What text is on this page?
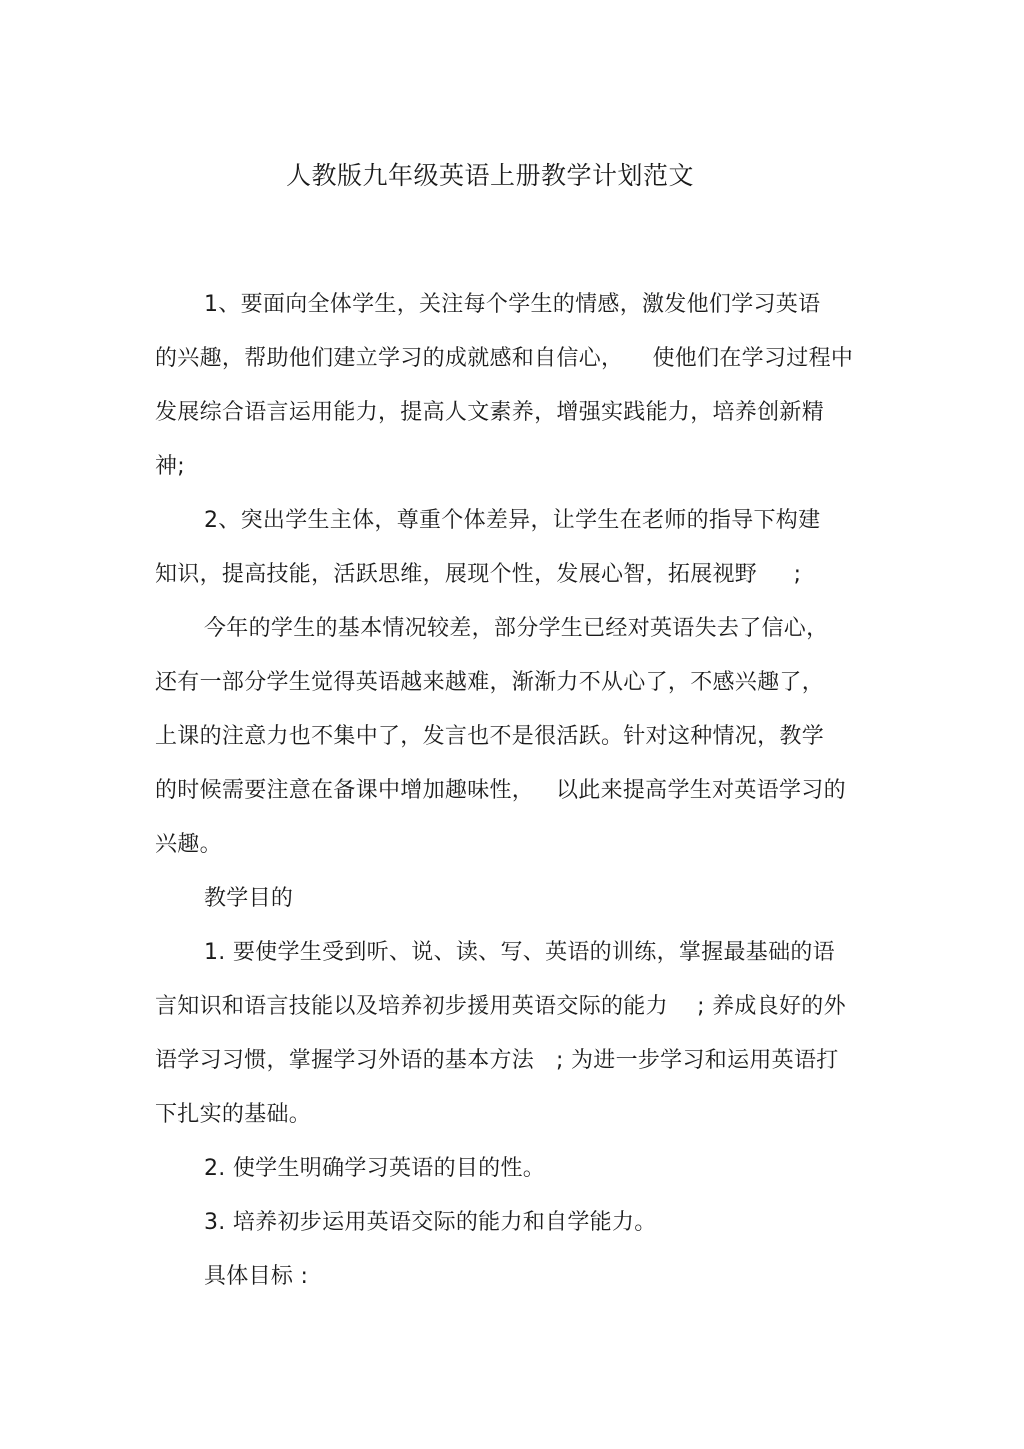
人教版九年级英语上册教学计划范文
1、要面向全体学生，关注每个学生的情感，激发他们学习英语
的兴趣，帮助他们建立学习的成就感和自信心，    使他们在学习过程中
发展综合语言运用能力，提高人文素养，增强实践能力，培养创新精
神;
2、突出学生主体，尊重个体差异，让学生在老师的指导下构建
知识，提高技能，活跃思维，展现个性，发展心智，拓展视野     ;
今年的学生的基本情况较差，部分学生已经对英语失去了信心，
还有一部分学生觉得英语越来越难，渐渐力不从心了，不感兴趣了，
上课的注意力也不集中了，发言也不是很活跃。针对这种情况，教学
的时候需要注意在备课中增加趣味性，   以此来提高学生对英语学习的
兴趣。
教学目的
1. 要使学生受到听、说、读、写、英语的训练，掌握最基础的语
言知识和语言技能以及培养初步援用英语交际的能力    ; 养成良好的外
语学习习惯，掌握学习外语的基本方法   ; 为进一步学习和运用英语打
下扎实的基础。
2. 使学生明确学习英语的目的性。
3. 培养初步运用英语交际的能力和自学能力。
具体目标 :
